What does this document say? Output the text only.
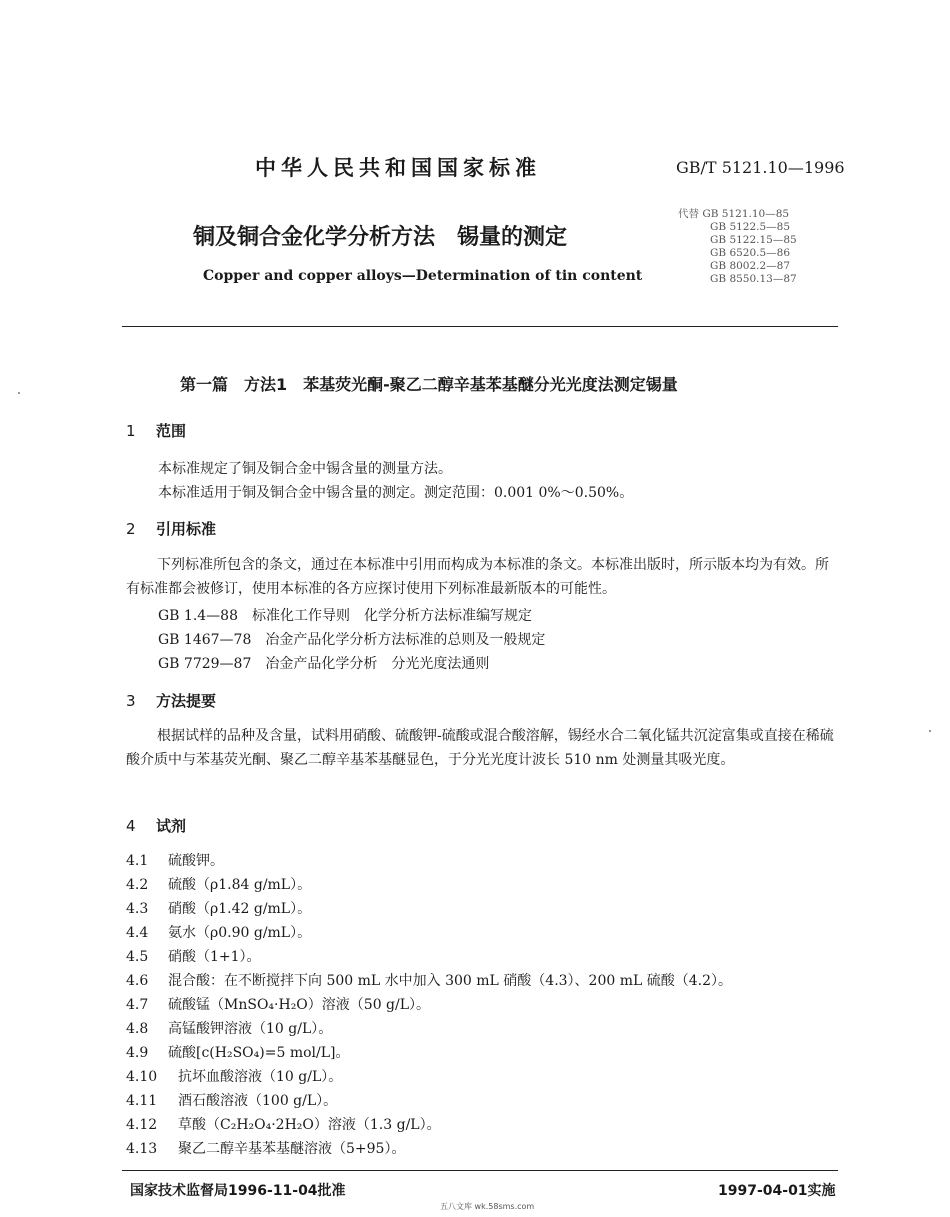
中华人民共和国国家标准	GB/T 5121.10—1996
铜及铜合金化学分析方法　锡量的测定
Copper and copper alloys—Determination of tin content
代替 GB 5121.10—85
GB 5122.5—85
GB 5122.15—85
GB 6520.5—86
GB 8002.2—87
GB 8550.13—87
第一篇　方法1　苯基荧光酮-聚乙二醇辛基苯基醚分光光度法测定锡量
1 范围
本标准规定了铜及铜合金中锡含量的测量方法。
本标准适用于铜及铜合金中锡含量的测定。测定范围：0.001 0%～0.50%。
2 引用标准
下列标准所包含的条文，通过在本标准中引用而构成为本标准的条文。本标准出版时，所示版本均为有效。所有标准都会被修订，使用本标准的各方应探讨使用下列标准最新版本的可能性。
GB 1.4—88　标准化工作导则　化学分析方法标准编写规定
GB 1467—78　冶金产品化学分析方法标准的总则及一般规定
GB 7729—87　冶金产品化学分析　分光光度法通则
3 方法提要
根据试样的品种及含量，试料用硝酸、硫酸钾-硫酸或混合酸溶解，锡经水合二氧化锰共沉淀富集或直接在稀硫酸介质中与苯基荧光酮、聚乙二醇辛基苯基醚显色，于分光光度计波长 510 nm 处测量其吸光度。
4 试剂
4.1 硫酸钾。
4.2 硫酸（ρ1.84 g/mL）。
4.3 硝酸（ρ1.42 g/mL）。
4.4 氨水（ρ0.90 g/mL）。
4.5 硝酸（1+1）。
4.6 混合酸：在不断搅拌下向 500 mL 水中加入 300 mL 硝酸（4.3）、200 mL 硫酸（4.2）。
4.7 硫酸锰（MnSO₄·H₂O）溶液（50 g/L）。
4.8 高锰酸钾溶液（10 g/L）。
4.9 硫酸[c(H₂SO₄)=5 mol/L]。
4.10 抗坏血酸溶液（10 g/L）。
4.11 酒石酸溶液（100 g/L）。
4.12 草酸（C₂H₂O₄·2H₂O）溶液（1.3 g/L）。
4.13 聚乙二醇辛基苯基醚溶液（5+95）。
国家技术监督局1996-11-04批准	1997-04-01实施
五八文库 wk.58sms.com
